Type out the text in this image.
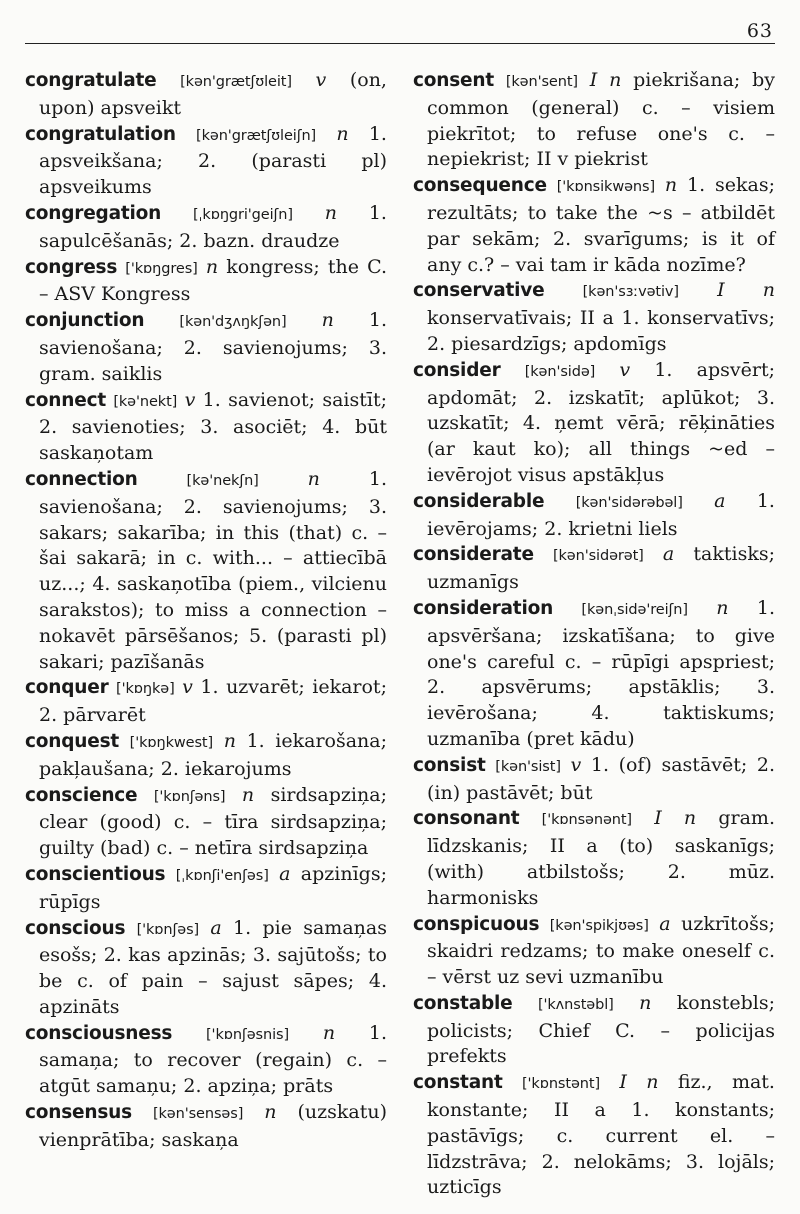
63

congratulate [kən'grætʃʊleit] v (on, upon) apsveikt

congratulation [kən'grætʃʊleiʃn] n 1. apsveikšana; 2. (parasti pl) apsveikums

congregation [ˌkɒŋgri'geiʃn] n 1. sapulcēšanās; 2. bazn. draudze

congress ['kɒŋgres] n kongress; the C. – ASV Kongress

conjunction [kən'dʒʌŋkʃən] n 1. savienošana; 2. savienojums; 3. gram. saiklis

connect [kə'nekt] v 1. savienot; saistīt; 2. savienoties; 3. asociēt; 4. būt saskaņotam

connection	[kə'nekʃn]	n	1. savienošana; 2. savienojums; 3. sakars; sakarība; in this (that) c. – šai sakarā; in c. with... – attiecībā uz...; 4. saskaņotība (piem., vilcienu sarakstos); to miss a connection – nokavēt pārsēšanos; 5. (parasti pl) sakari; pazīšanās

conquer ['kɒŋkə] v 1. uzvarēt; iekarot; 2. pārvarēt

conquest ['kɒŋkwest] n 1. iekarošana; pakļaušana; 2. iekarojums

conscience ['kɒnʃəns] n sirdsapziņa; clear (good) c. – tīra sirdsapziņa; guilty (bad) c. – netīra sirdsapziņa

conscientious [ˌkɒnʃi'enʃəs] a apzinīgs; rūpīgs

conscious ['kɒnʃəs] a 1. pie samaņas esošs; 2. kas apzinās; 3. sajūtošs; to be c. of pain – sajust sāpes; 4. apzināts

consciousness ['kɒnʃəsnis] n 1. samaņa; to recover (regain) c. – atgūt samaņu; 2. apziņa; prāts

consensus [kən'sensəs] n (uzskatu) vienprātība; saskaņa

consent [kən'sent] I n piekrišana; by common (general) c. – visiem piekrītot; to refuse one's c. – nepiekrist; II v piekrist

consequence ['kɒnsikwəns] n 1. sekas; rezultāts; to take the ~s – atbildēt par sekām; 2. svarīgums; is it of any c.? – vai tam ir kāda nozīme?

conservative	[kən'sɜːvətiv] I n konservatīvais; II a 1. konservatīvs; 2. piesardzīgs; apdomīgs

consider [kən'sidə] v 1. apsvērt; apdomāt; 2. izskatīt; aplūkot; 3. uzskatīt; 4. ņemt vērā; rēķināties (ar kaut ko); all things ~ed – ievērojot visus apstākļus

considerable [kən'sidərəbəl] a 1. ievērojams; 2. krietni liels

considerate [kən'sidərət] a taktisks; uzmanīgs

consideration [kənˌsidə'reiʃn] n 1. apsvēršana; izskatīšana; to give one's careful c. – rūpīgi apspriest; 2. apsvērums; apstāklis; 3. ievērošana; 4. taktiskums; uzmanība (pret kādu)

consist [kən'sist] v 1. (of) sastāvēt; 2. (in) pastāvēt; būt

consonant ['kɒnsənənt] I n gram. līdzskanis; II a (to) saskanīgs; (with) atbilstošs; 2. mūz. harmonisks

conspicuous [kən'spikjʊəs] a uzkrītošs; skaidri redzams; to make oneself c. – vērst uz sevi uzmanību

constable ['kʌnstəbl] n konstebls; policists; Chief C. – policijas prefekts

constant ['kɒnstənt] I n fiz., mat. konstante; II a 1. konstants; pastāvīgs; c. current el. – līdzstrāva; 2. nelokāms; 3. lojāls; uzticīgs
